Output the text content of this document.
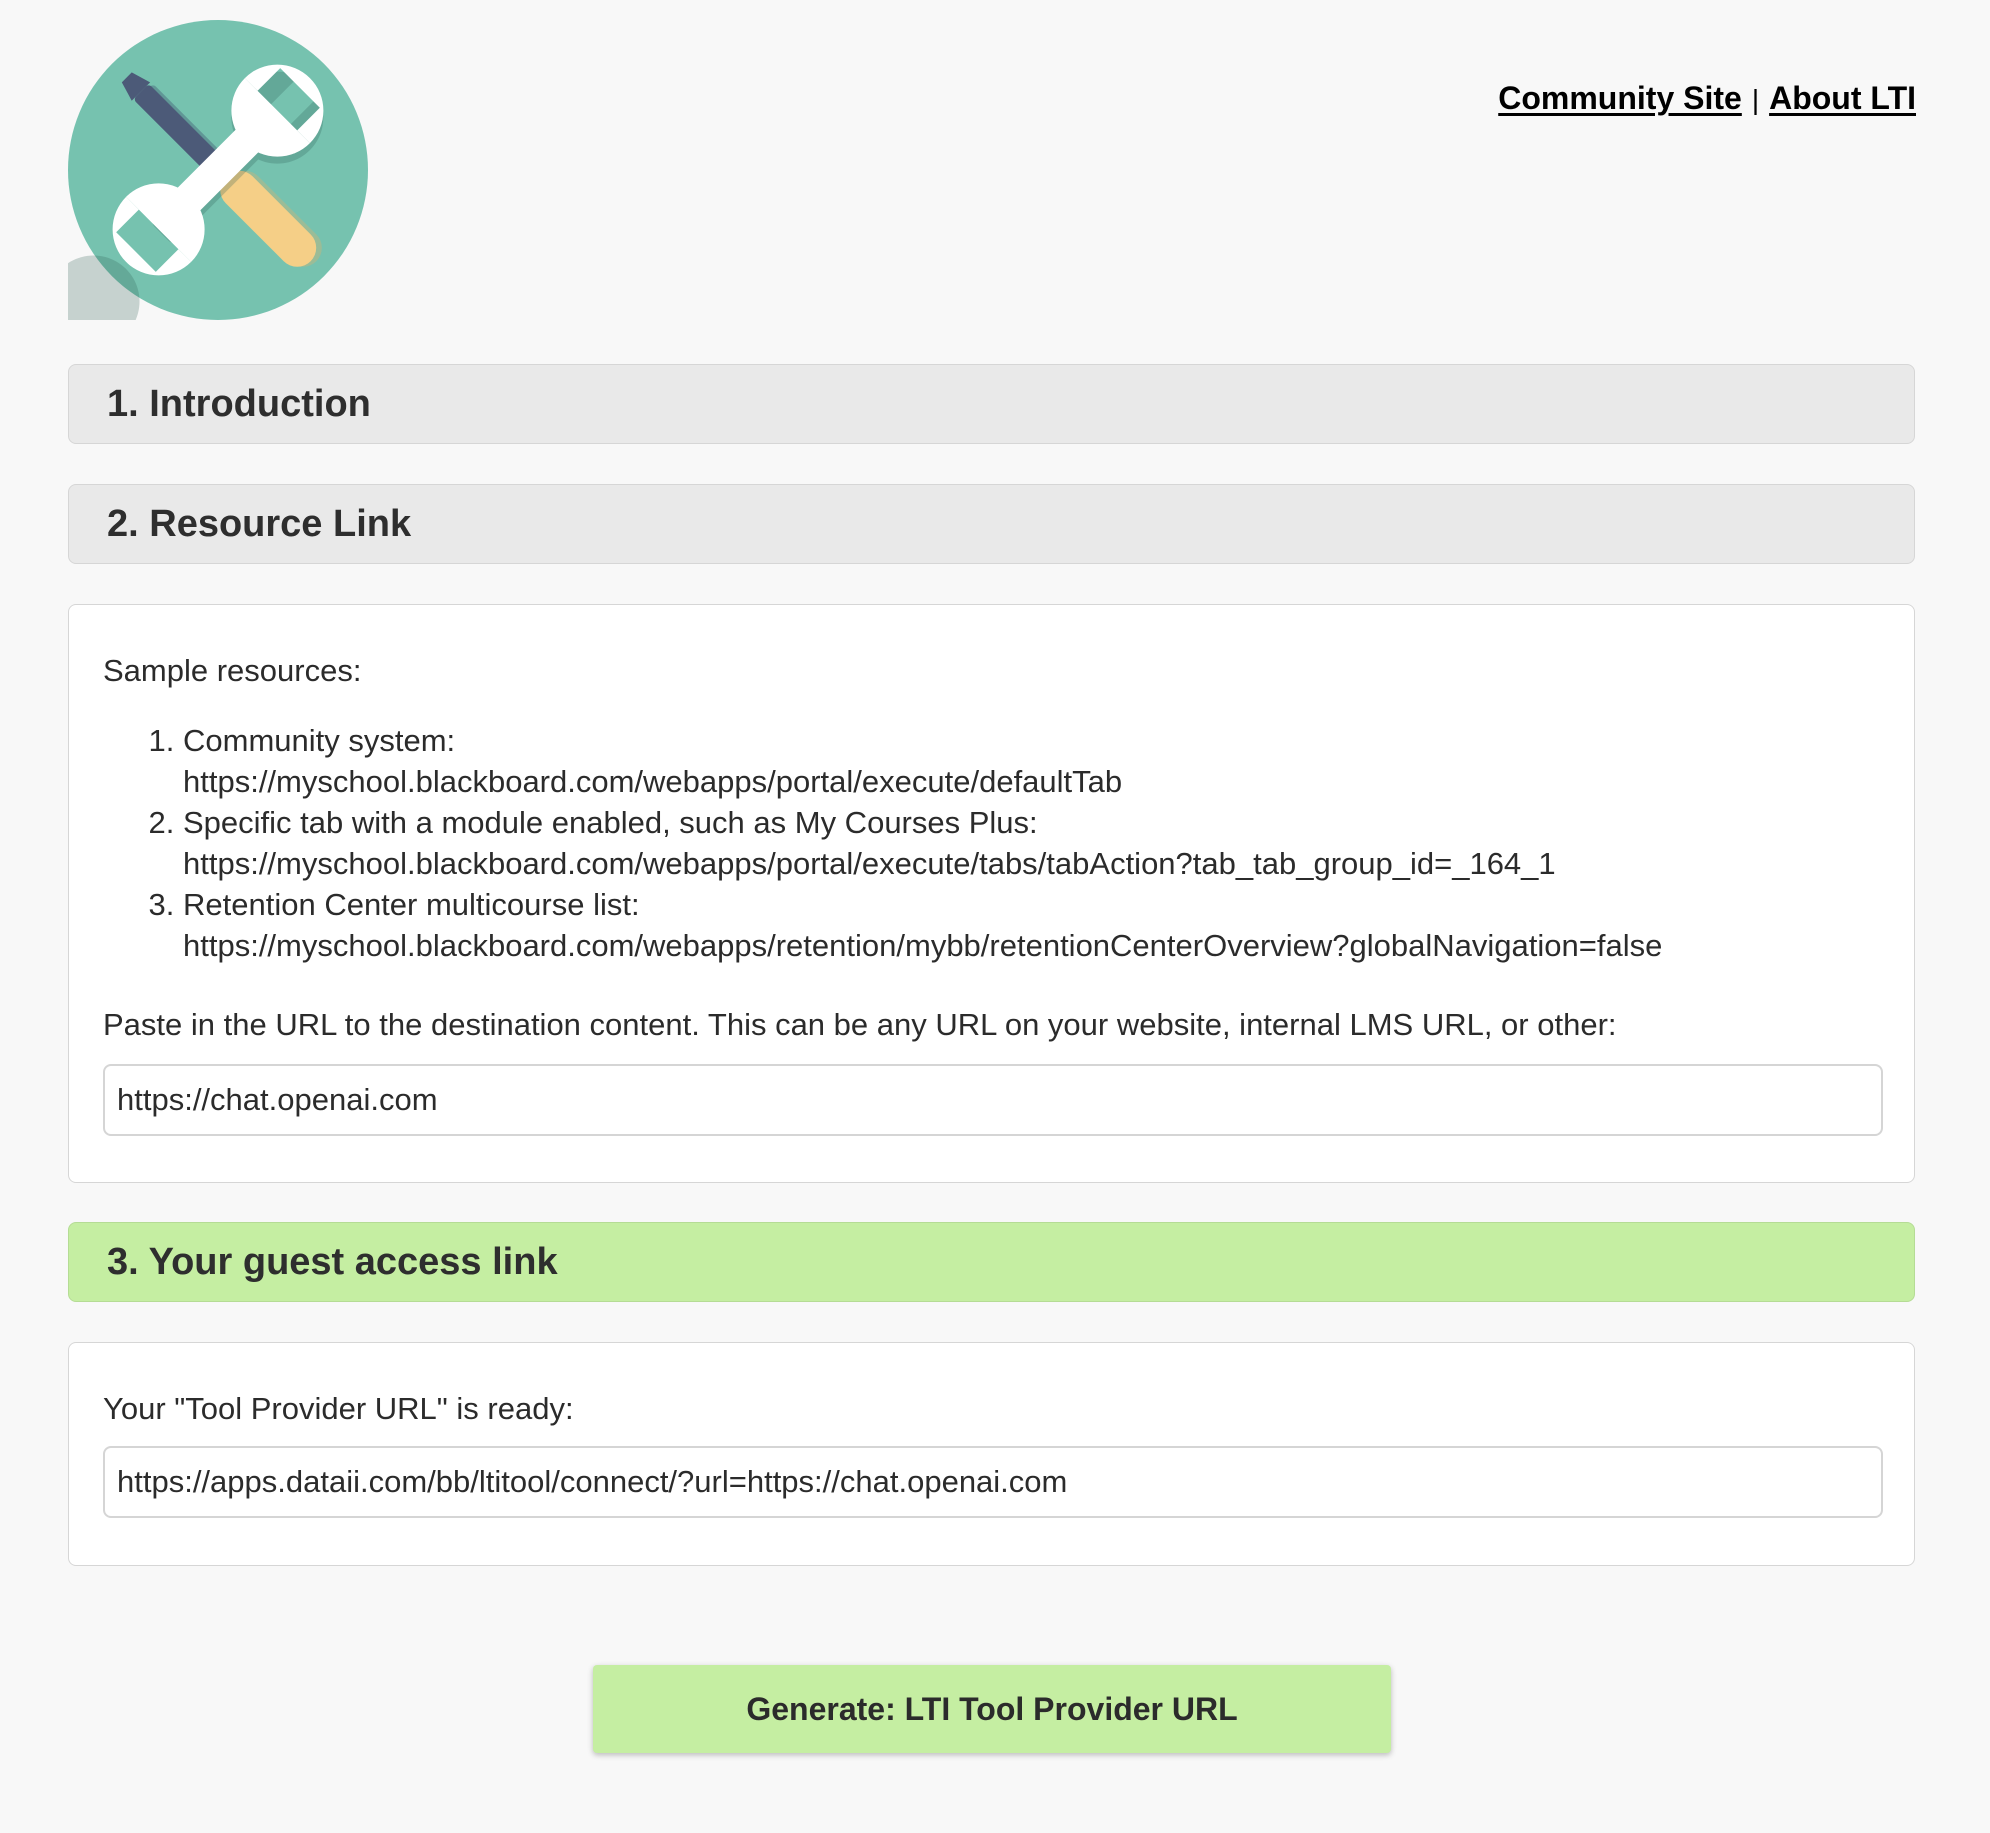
Community Site | About LTI
1. Introduction
2. Resource Link
Sample resources:
1. Community system:
https://myschool.blackboard.com/webapps/portal/execute/defaultTab
2. Specific tab with a module enabled, such as My Courses Plus:
https://myschool.blackboard.com/webapps/portal/execute/tabs/tabAction?tab_tab_group_id=_164_1
3. Retention Center multicourse list:
https://myschool.blackboard.com/webapps/retention/mybb/retentionCenterOverview?globalNavigation=false
Paste in the URL to the destination content. This can be any URL on your website, internal LMS URL, or other:
https://chat.openai.com
3. Your guest access link
Your "Tool Provider URL" is ready:
https://apps.dataii.com/bb/ltitool/connect/?url=https://chat.openai.com
Generate: LTI Tool Provider URL
